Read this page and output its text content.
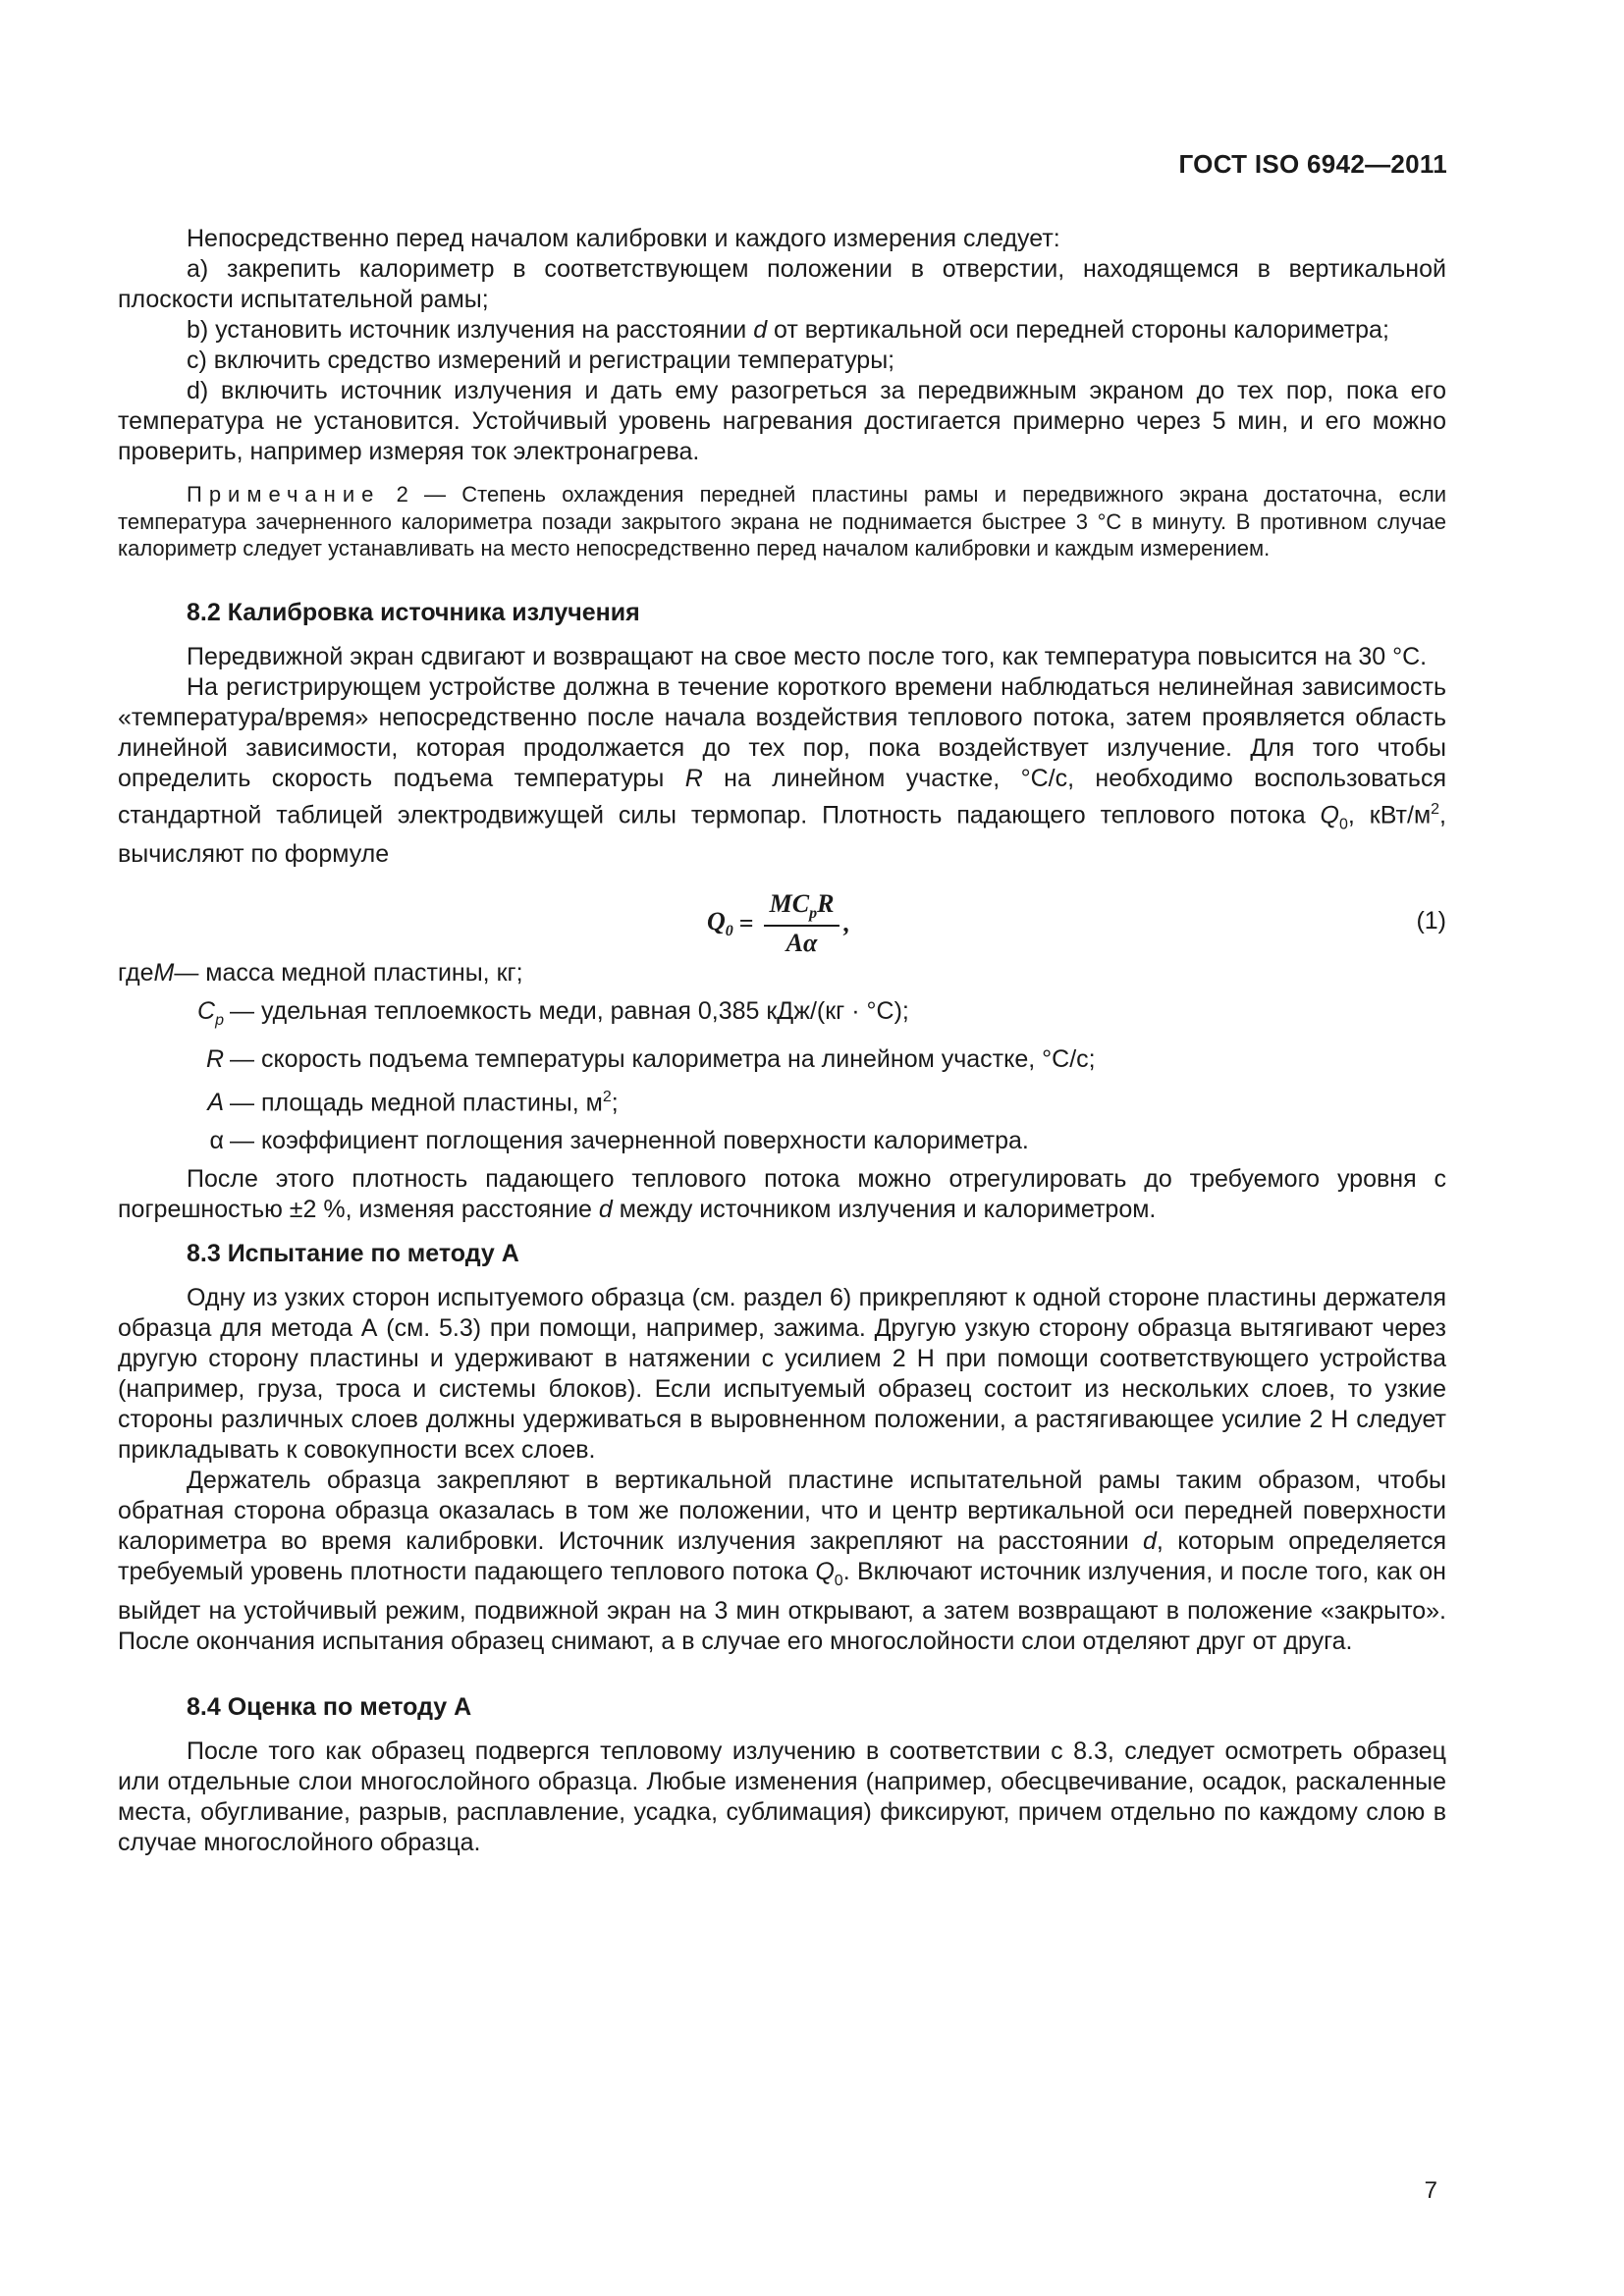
ГОСТ ISO 6942—2011

Непосредственно перед началом калибровки и каждого измерения следует:

а) закрепить калориметр в соответствующем положении в отверстии, находящемся в вертикальной плоскости испытательной рамы;

b) установить источник излучения на расстоянии d от вертикальной оси передней стороны калориметра;

c) включить средство измерений и регистрации температуры;

d) включить источник излучения и дать ему разогреться за передвижным экраном до тех пор, пока его температура не установится. Устойчивый уровень нагревания достигается примерно через 5 мин, и его можно проверить, например измеряя ток электронагрева.

Примечание 2 — Степень охлаждения передней пластины рамы и передвижного экрана достаточна, если температура зачерненного калориметра позади закрытого экрана не поднимается быстрее 3 °С в минуту. В противном случае калориметр следует устанавливать на место непосредственно перед началом калибровки и каждым измерением.

8.2 Калибровка источника излучения

Передвижной экран сдвигают и возвращают на свое место после того, как температура повысится на 30 °С.

На регистрирующем устройстве должна в течение короткого времени наблюдаться нелинейная зависимость «температура/время» непосредственно после начала воздействия теплового потока, затем проявляется область линейной зависимости, которая продолжается до тех пор, пока воздействует излучение. Для того чтобы определить скорость подъема температуры R на линейном участке, °С/с, необходимо воспользоваться стандартной таблицей электродвижущей силы термопар. Плотность падающего теплового потока $Q_0$, кВт/$м^2$, вычисляют по формуле

$Q_0 = \frac{MC_pR}{A\alpha}$ ,	(1)
где M — масса медной пластины, кг;
$C_p$ — удельная теплоемкость меди, равная 0,385 кДж/(кг · °С);
R — скорость подъема температуры калориметра на линейном участке, °С/с;
A — площадь медной пластины, $м^2$;
α — коэффициент поглощения зачерненной поверхности калориметра.

После этого плотность падающего теплового потока можно отрегулировать до требуемого уровня с погрешностью ±2 %, изменяя расстояние d между источником излучения и калориметром.

8.3 Испытание по методу А

Одну из узких сторон испытуемого образца (см. раздел 6) прикрепляют к одной стороне пластины держателя образца для метода А (см. 5.3) при помощи, например, зажима. Другую узкую сторону образца вытягивают через другую сторону пластины и удерживают в натяжении с усилием 2 Н при помощи соответствующего устройства (например, груза, троса и системы блоков). Если испытуемый образец состоит из нескольких слоев, то узкие стороны различных слоев должны удерживаться в выровненном положении, а растягивающее усилие 2 Н следует прикладывать к совокупности всех слоев.

Держатель образца закрепляют в вертикальной пластине испытательной рамы таким образом, чтобы обратная сторона образца оказалась в том же положении, что и центр вертикальной оси передней поверхности калориметра во время калибровки. Источник излучения закрепляют на расстоянии d, которым определяется требуемый уровень плотности падающего теплового потока $Q_0$. Включают источник излучения, и после того, как он выйдет на устойчивый режим, подвижной экран на 3 мин открывают, а затем возвращают в положение «закрыто». После окончания испытания образец снимают, а в случае его многослойности слои отделяют друг от друга.

8.4 Оценка по методу А

После того как образец подвергся тепловому излучению в соответствии с 8.3, следует осмотреть образец или отдельные слои многослойного образца. Любые изменения (например, обесцвечивание, осадок, раскаленные места, обугливание, разрыв, расплавление, усадка, сублимация) фиксируют, причем отдельно по каждому слою в случае многослойного образца.

7
